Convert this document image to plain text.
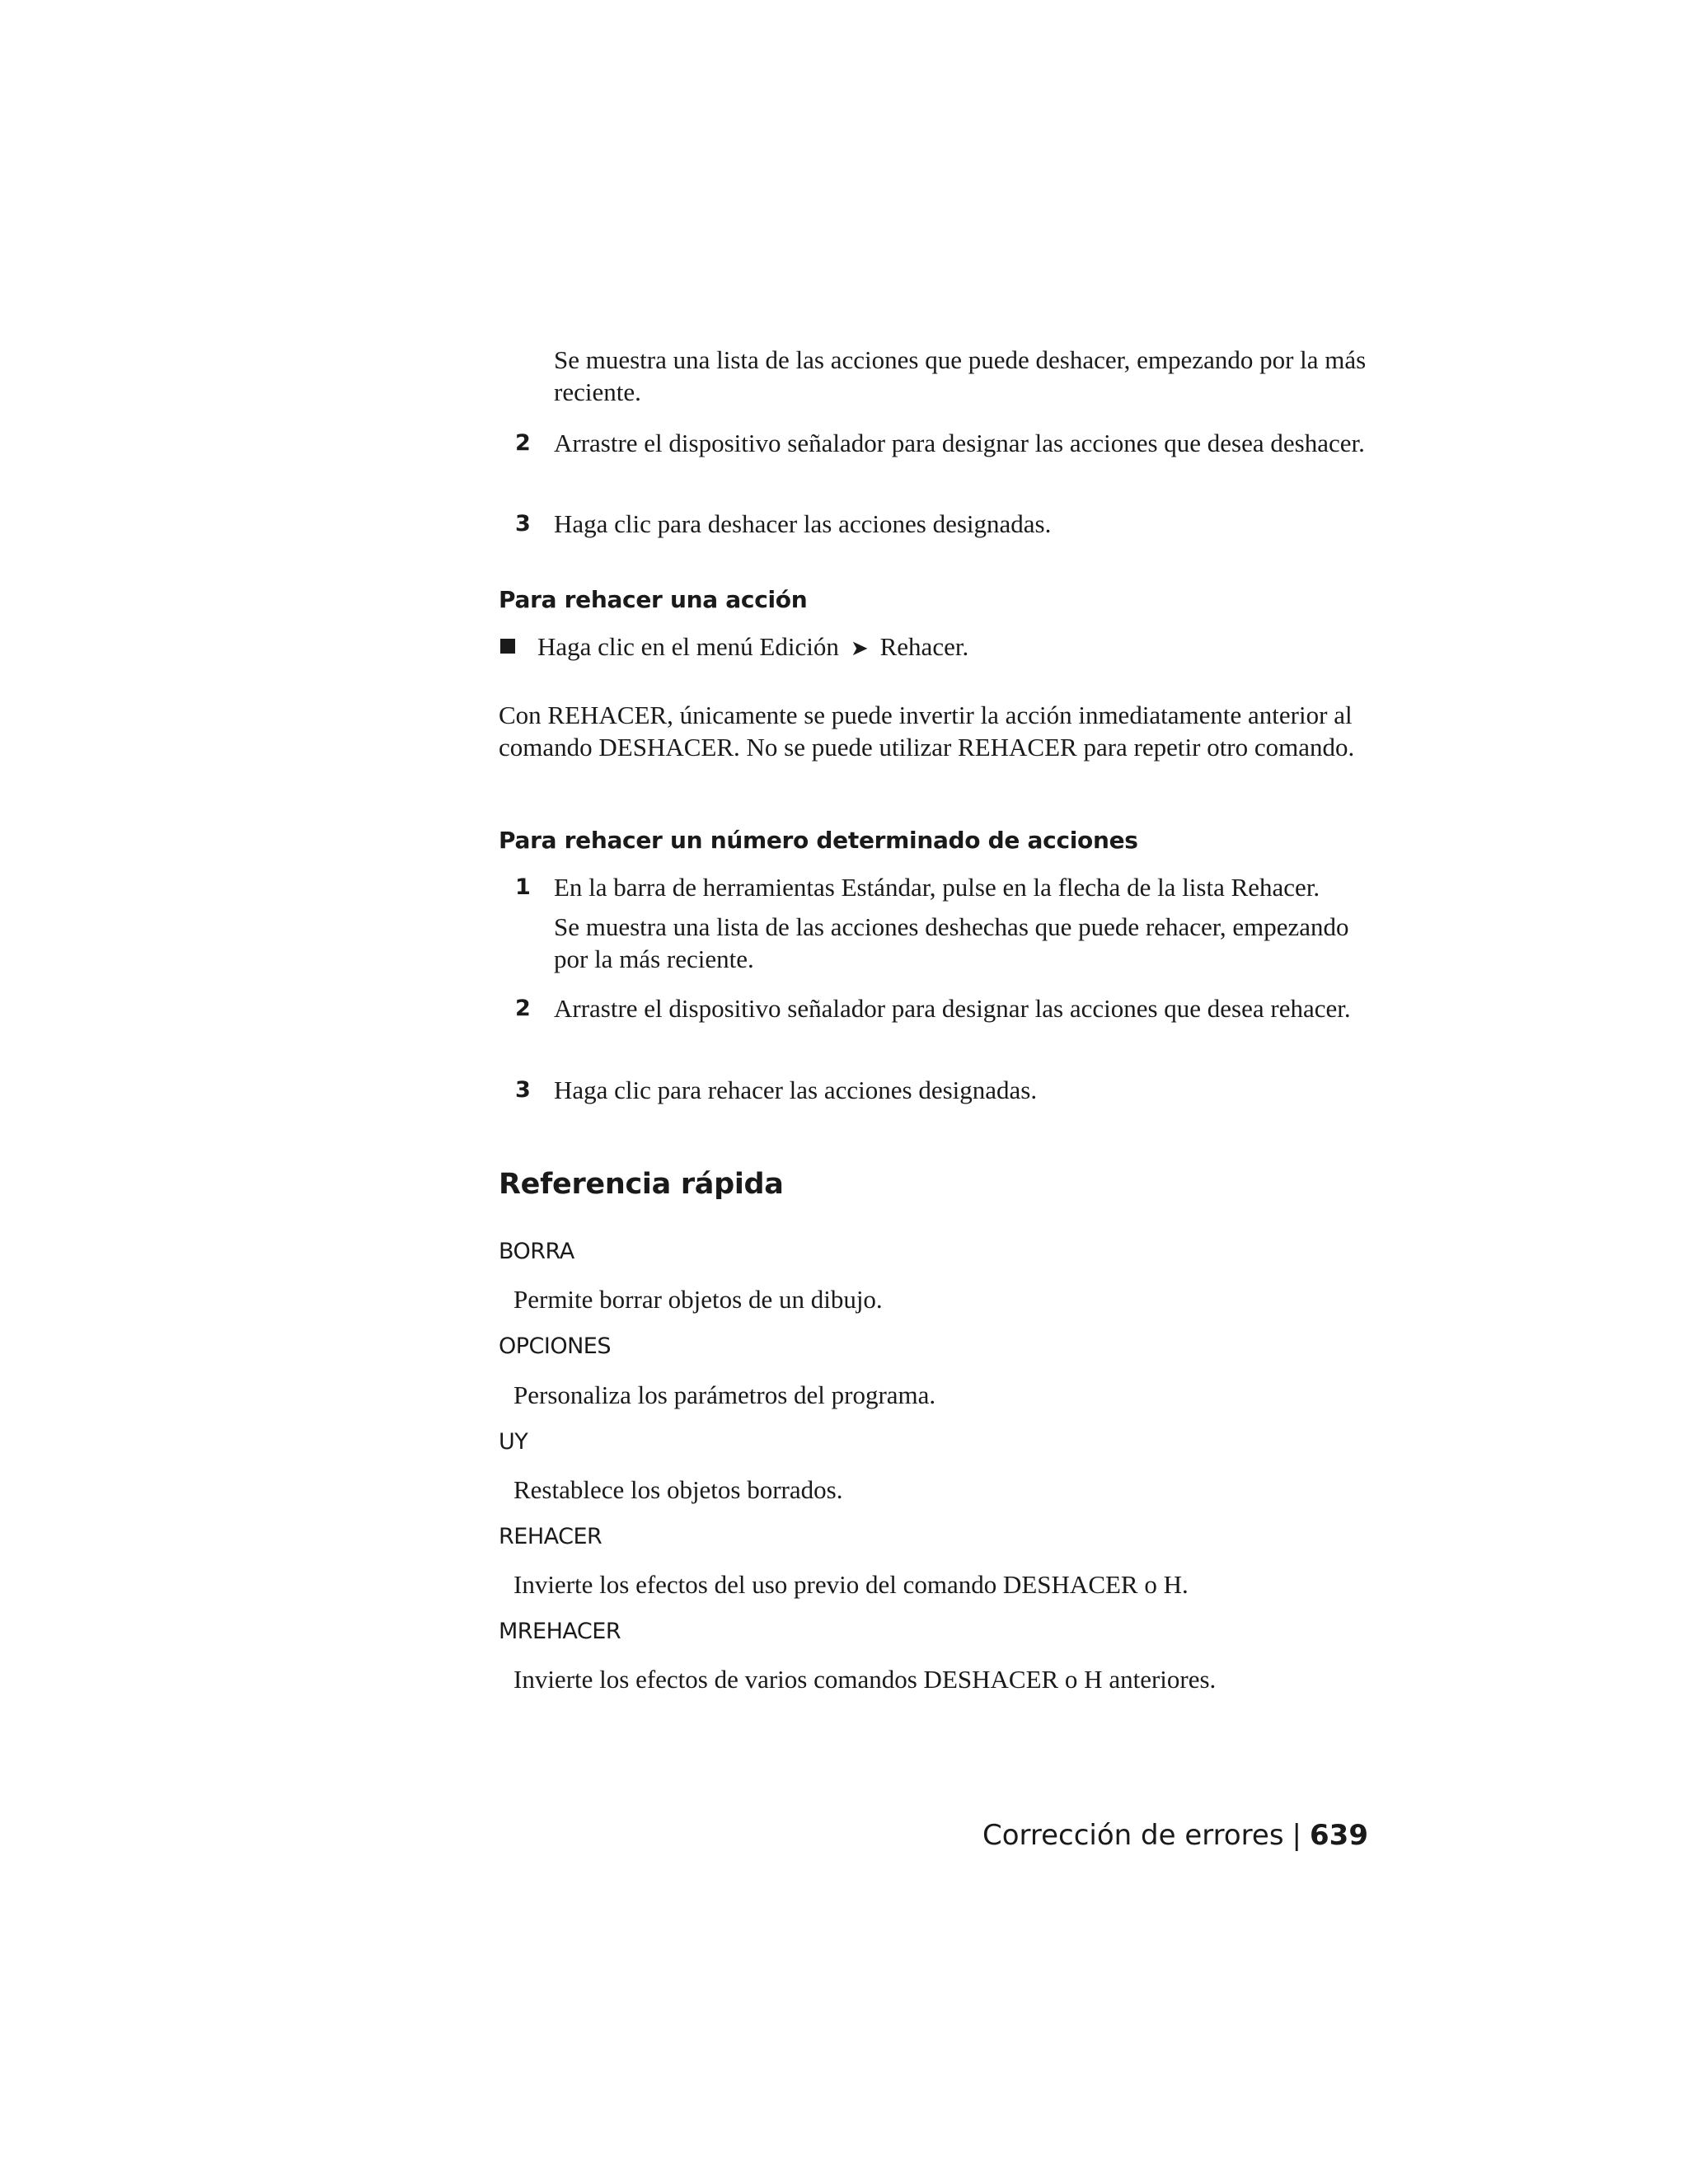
Se muestra una lista de las acciones que puede deshacer, empezando por la más reciente.
2 Arrastre el dispositivo señalador para designar las acciones que desea deshacer.
3 Haga clic para deshacer las acciones designadas.
Para rehacer una acción
Haga clic en el menú Edición ➤ Rehacer.
Con REHACER, únicamente se puede invertir la acción inmediatamente anterior al comando DESHACER. No se puede utilizar REHACER para repetir otro comando.
Para rehacer un número determinado de acciones
1 En la barra de herramientas Estándar, pulse en la flecha de la lista Rehacer.
Se muestra una lista de las acciones deshechas que puede rehacer, empezando por la más reciente.
2 Arrastre el dispositivo señalador para designar las acciones que desea rehacer.
3 Haga clic para rehacer las acciones designadas.
Referencia rápida
BORRA
Permite borrar objetos de un dibujo.
OPCIONES
Personaliza los parámetros del programa.
UY
Restablece los objetos borrados.
REHACER
Invierte los efectos del uso previo del comando DESHACER o H.
MREHACER
Invierte los efectos de varios comandos DESHACER o H anteriores.
Corrección de errores | 639
